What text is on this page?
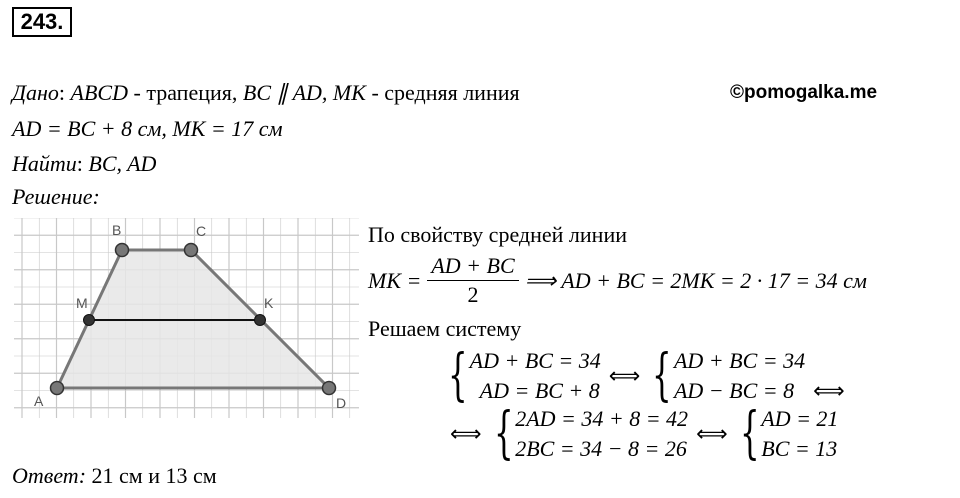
243.
Дано: ABCD - трапеция, BC ∥ AD, MK - средняя линия	©pomogalka.me
AD = BC + 8 см, MK = 17 см
Найти: BC, AD
Решение:
A
B	C
D
M	K
По свойству средней линии
MK = $\frac{AD + BC}{2}$ ⟹ AD + BC = 2MK = 2 · 17 = 34 см
Решаем систему
{ AD + BC = 34
AD = BC + 8
⟺ { AD + BC = 34
AD − BC = 8 ⟺
⟺ { 2AD = 34 + 8 = 42
2BC = 34 − 8 = 26
⟺ { AD = 21
BC = 13
Ответ: 21 см и 13 см
